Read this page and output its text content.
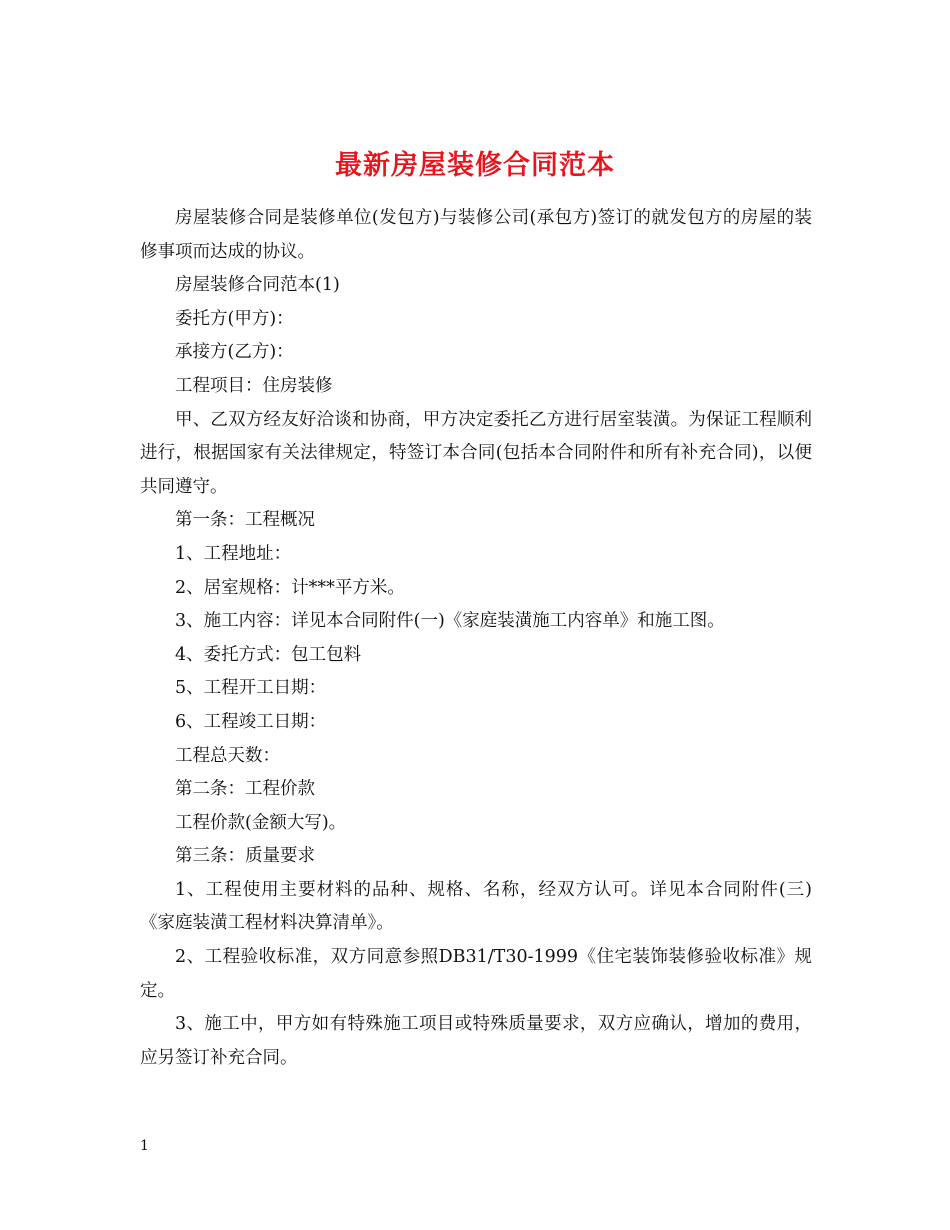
最新房屋装修合同范本

房屋装修合同是装修单位(发包方)与装修公司(承包方)签订的就发包方的房屋的装修事项而达成的协议。

房屋装修合同范本(1)

委托方(甲方)：

承接方(乙方)：

工程项目：住房装修

甲、乙双方经友好洽谈和协商，甲方决定委托乙方进行居室装潢。为保证工程顺利进行，根据国家有关法律规定，特签订本合同(包括本合同附件和所有补充合同)，以便共同遵守。

第一条：工程概况

1、工程地址：

2、居室规格：计***平方米。

3、施工内容：详见本合同附件(一)《家庭装潢施工内容单》和施工图。

4、委托方式：包工包料

5、工程开工日期：

6、工程竣工日期：

工程总天数：

第二条：工程价款

工程价款(金额大写)。

第三条：质量要求

1、工程使用主要材料的品种、规格、名称，经双方认可。详见本合同附件(三)《家庭装潢工程材料决算清单》。

2、工程验收标准，双方同意参照DB31/T30-1999《住宅装饰装修验收标准》规定。

3、施工中，甲方如有特殊施工项目或特殊质量要求，双方应确认，增加的费用，应另签订补充合同。

1
